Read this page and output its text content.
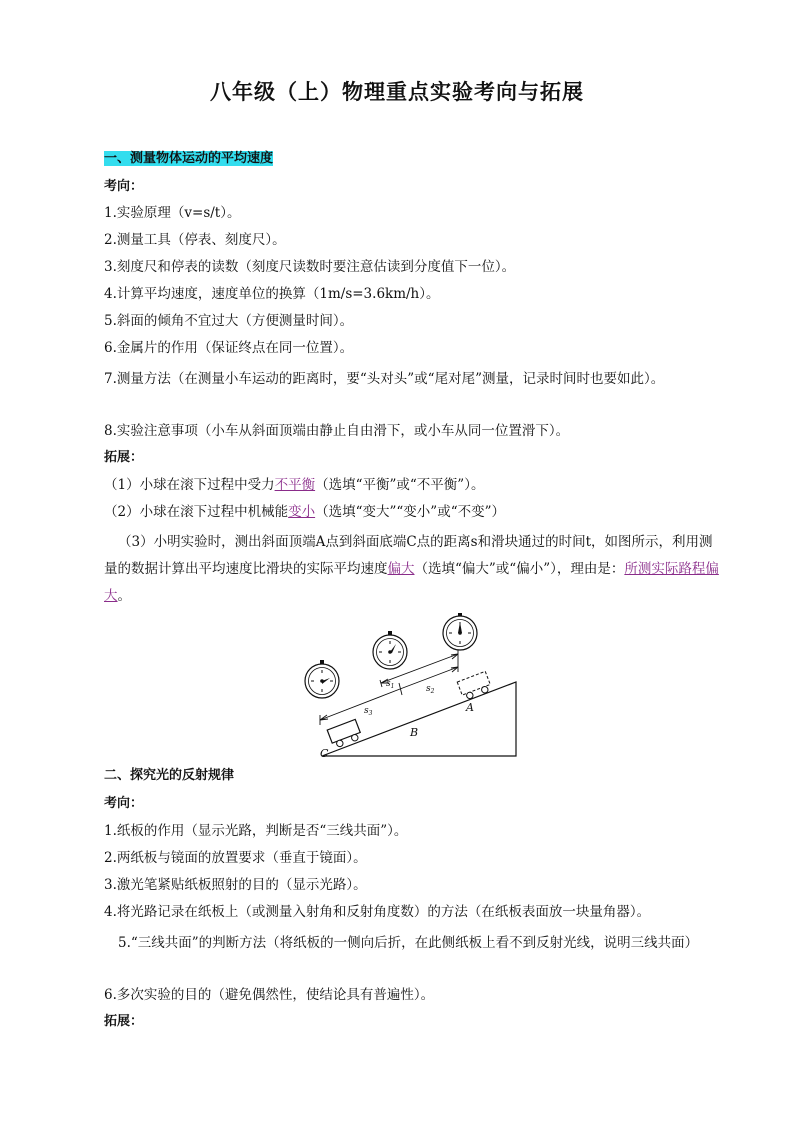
八年级（上）物理重点实验考向与拓展
一、测量物体运动的平均速度
考向：
1.实验原理（v=s/t）。
2.测量工具（停表、刻度尺）。
3.刻度尺和停表的读数（刻度尺读数时要注意估读到分度值下一位）。
4.计算平均速度，速度单位的换算（1m/s=3.6km/h）。
5.斜面的倾角不宜过大（方便测量时间）。
6.金属片的作用（保证终点在同一位置）。
7.测量方法（在测量小车运动的距离时，要“头对头”或“尾对尾”测量，记录时间时也要如此）。
8.实验注意事项（小车从斜面顶端由静止自由滑下，或小车从同一位置滑下）。
拓展：
（1）小球在滚下过程中受力不平衡（选填“平衡”或“不平衡”）。
（2）小球在滚下过程中机械能变小（选填“变大”“变小”或“不变”）
（3）小明实验时，测出斜面顶端A点到斜面底端C点的距离s和滑块通过的时间t，如图所示，利用测量的数据计算出平均速度比滑块的实际平均速度偏大（选填“偏大”或“偏小”），理由是：所测实际路程偏大。
C
B
A
$s_1$	$s_2$
$s_3$
二、探究光的反射规律
考向：
1.纸板的作用（显示光路，判断是否“三线共面”）。
2.两纸板与镜面的放置要求（垂直于镜面）。
3.激光笔紧贴纸板照射的目的（显示光路）。
4.将光路记录在纸板上（或测量入射角和反射角度数）的方法（在纸板表面放一块量角器）。
5.“三线共面”的判断方法（将纸板的一侧向后折，在此侧纸板上看不到反射光线，说明三线共面）
6.多次实验的目的（避免偶然性，使结论具有普遍性）。
拓展：
